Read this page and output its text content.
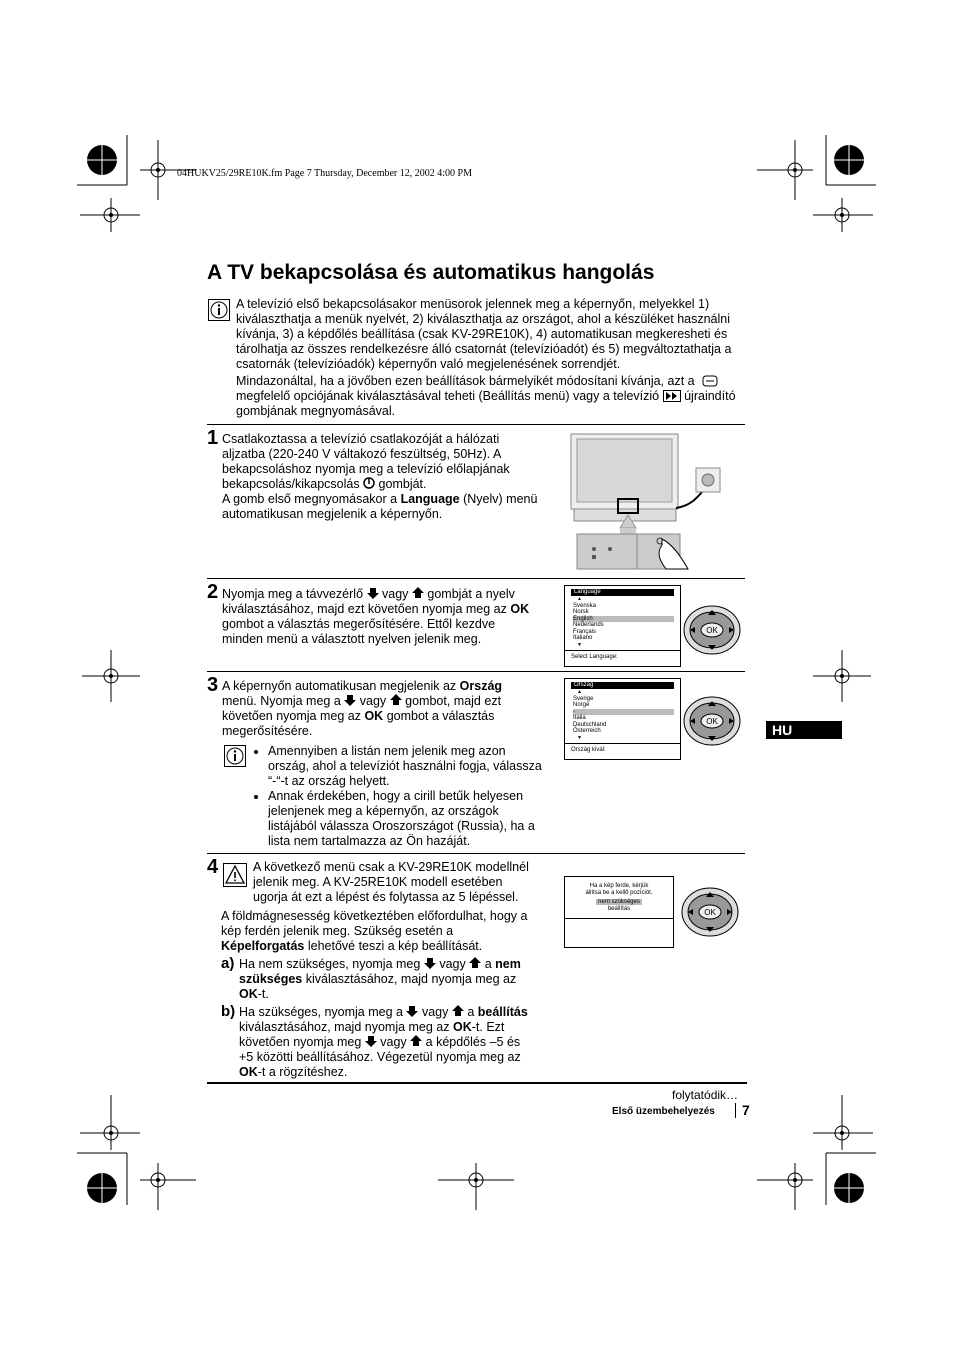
04HUKV25/29RE10K.fm Page 7 Thursday, December 12, 2002 4:00 PM
A TV bekapcsolása és automatikus hangolás
A televízió első bekapcsolásakor menüsorok jelennek meg a képernyőn, melyekkel 1) kiválaszthatja a menük nyelvét, 2) kiválaszthatja az országot, ahol a készüléket használni kívánja, 3) a képdőlés beállítása (csak KV-29RE10K), 4) automatikusan megkeresheti és tárolhatja az összes rendelkezésre álló csatornát (televízióadót) és 5) megváltoztathatja a csatornák (televízióadók) képernyőn való megjelenésének sorrendjét.
Mindazonáltal, ha a jövőben ezen beállítások bármelyikét módosítani kívánja, azt a
megfelelő opciójának kiválasztásával teheti (Beállítás menü) vagy a televízió újraindító gombjának megnyomásával.
1 Csatlakoztassa a televízió csatlakozóját a hálózati
aljzatba (220-240 V váltakozó feszültség, 50Hz). A
bekapcsoláshoz nyomja meg a televízió előlapjának
bekapcsolás/kikapcsolás gombját.
A gomb első megnyomásakor a Language (Nyelv) menü
automatikusan megjelenik a képernyőn.
2 Nyomja meg a távvezérlő vagy gombját a nyelv
kiválasztásához, majd ezt követően nyomja meg az OK
gombot a választás megerősítésére. Ettől kezdve
minden menü a választott nyelven jelenik meg.
Language
▲
Svenska
Norsk
English
Nederlands
Français
Italiano
▼
Select Language:
OK
3 A képernyőn automatikusan megjelenik az Ország
menü. Nyomja meg a vagy gombot, majd ezt
követően nyomja meg az OK gombot a választás
megerősítésére.
• Amennyiben a listán nem jelenik meg azon ország, ahol a televíziót használni fogja, válassza “-“-t az ország helyett.
• Annak érdekében, hogy a cirill betűk helyesen jelenjenek meg a képernyőn, az országok listájából válassza Oroszországot (Russia), ha a lista nem tartalmazza az Ön hazáját.
Ország
▲
Sverige
Norge
-
Italia
Deutschland
Österreich
▼
Ország kivál:
OK
HU
4	A következő menü csak a KV-29RE10K modellnél
jelenik meg. A KV-25RE10K modell esetében
ugorja át ezt a lépést és folytassa az 5 lépéssel.
A földmágnesesség következtében előfordulhat, hogy a
kép ferdén jelenik meg. Szükség esetén a
Képelforgatás lehetővé teszi a kép beállítását.
a) Ha nem szükséges, nyomja meg vagy a nem
szükséges kiválasztásához, majd nyomja meg az
OK-t.
b) Ha szükséges, nyomja meg a vagy a beállítás
kiválasztásához, majd nyomja meg az OK-t. Ezt
követően nyomja meg vagy a képdőlés –5 és
+5 közötti beállításához. Végezetül nyomja meg az
OK-t a rögzítéshez.
Ha a kép ferde, kérjük
állítsa be a kellő pozíciót.
nem szükséges
beállítás	OK
folytatódik…
Első üzembehelyezés 7
